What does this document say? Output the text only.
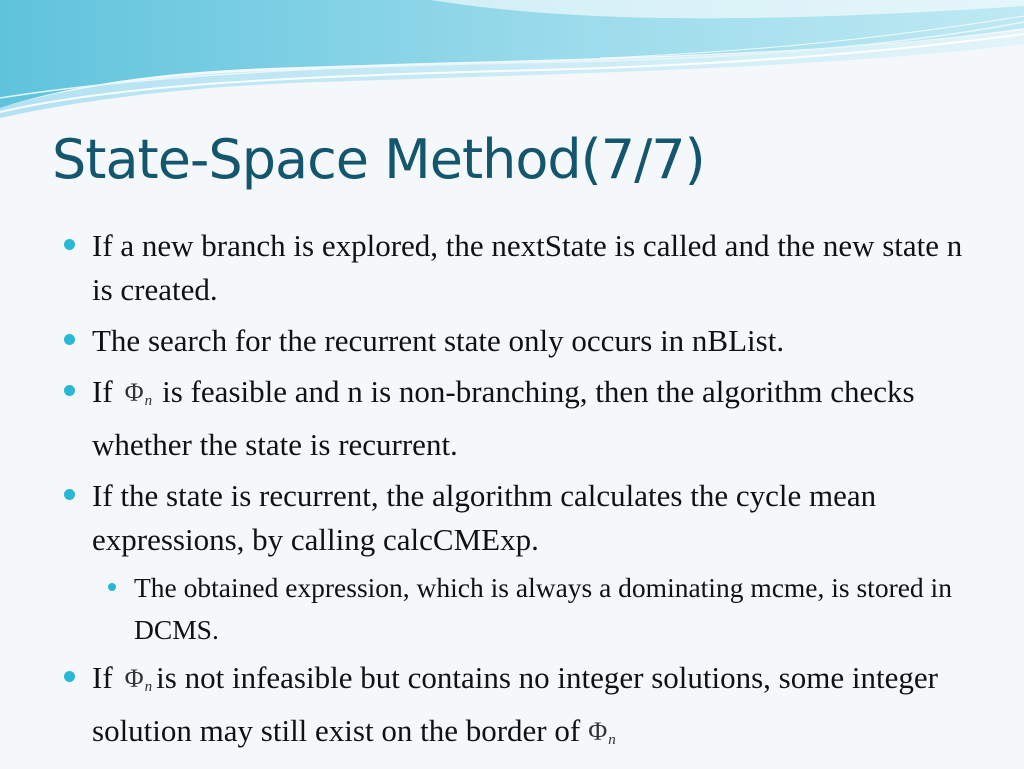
State-Space Method(7/7)
If a new branch is explored, the nextState is called and the new state n is created.
The search for the recurrent state only occurs in nBList.
If $\Phi_n$ is feasible and n is non-branching, then the algorithm checks whether the state is recurrent.
If the state is recurrent, the algorithm calculates the cycle mean expressions, by calling calcCMExp.
The obtained expression, which is always a dominating mcme, is stored in DCMS.
If $\Phi_n$ is not infeasible but contains no integer solutions, some integer solution may still exist on the border of $\Phi_n$
